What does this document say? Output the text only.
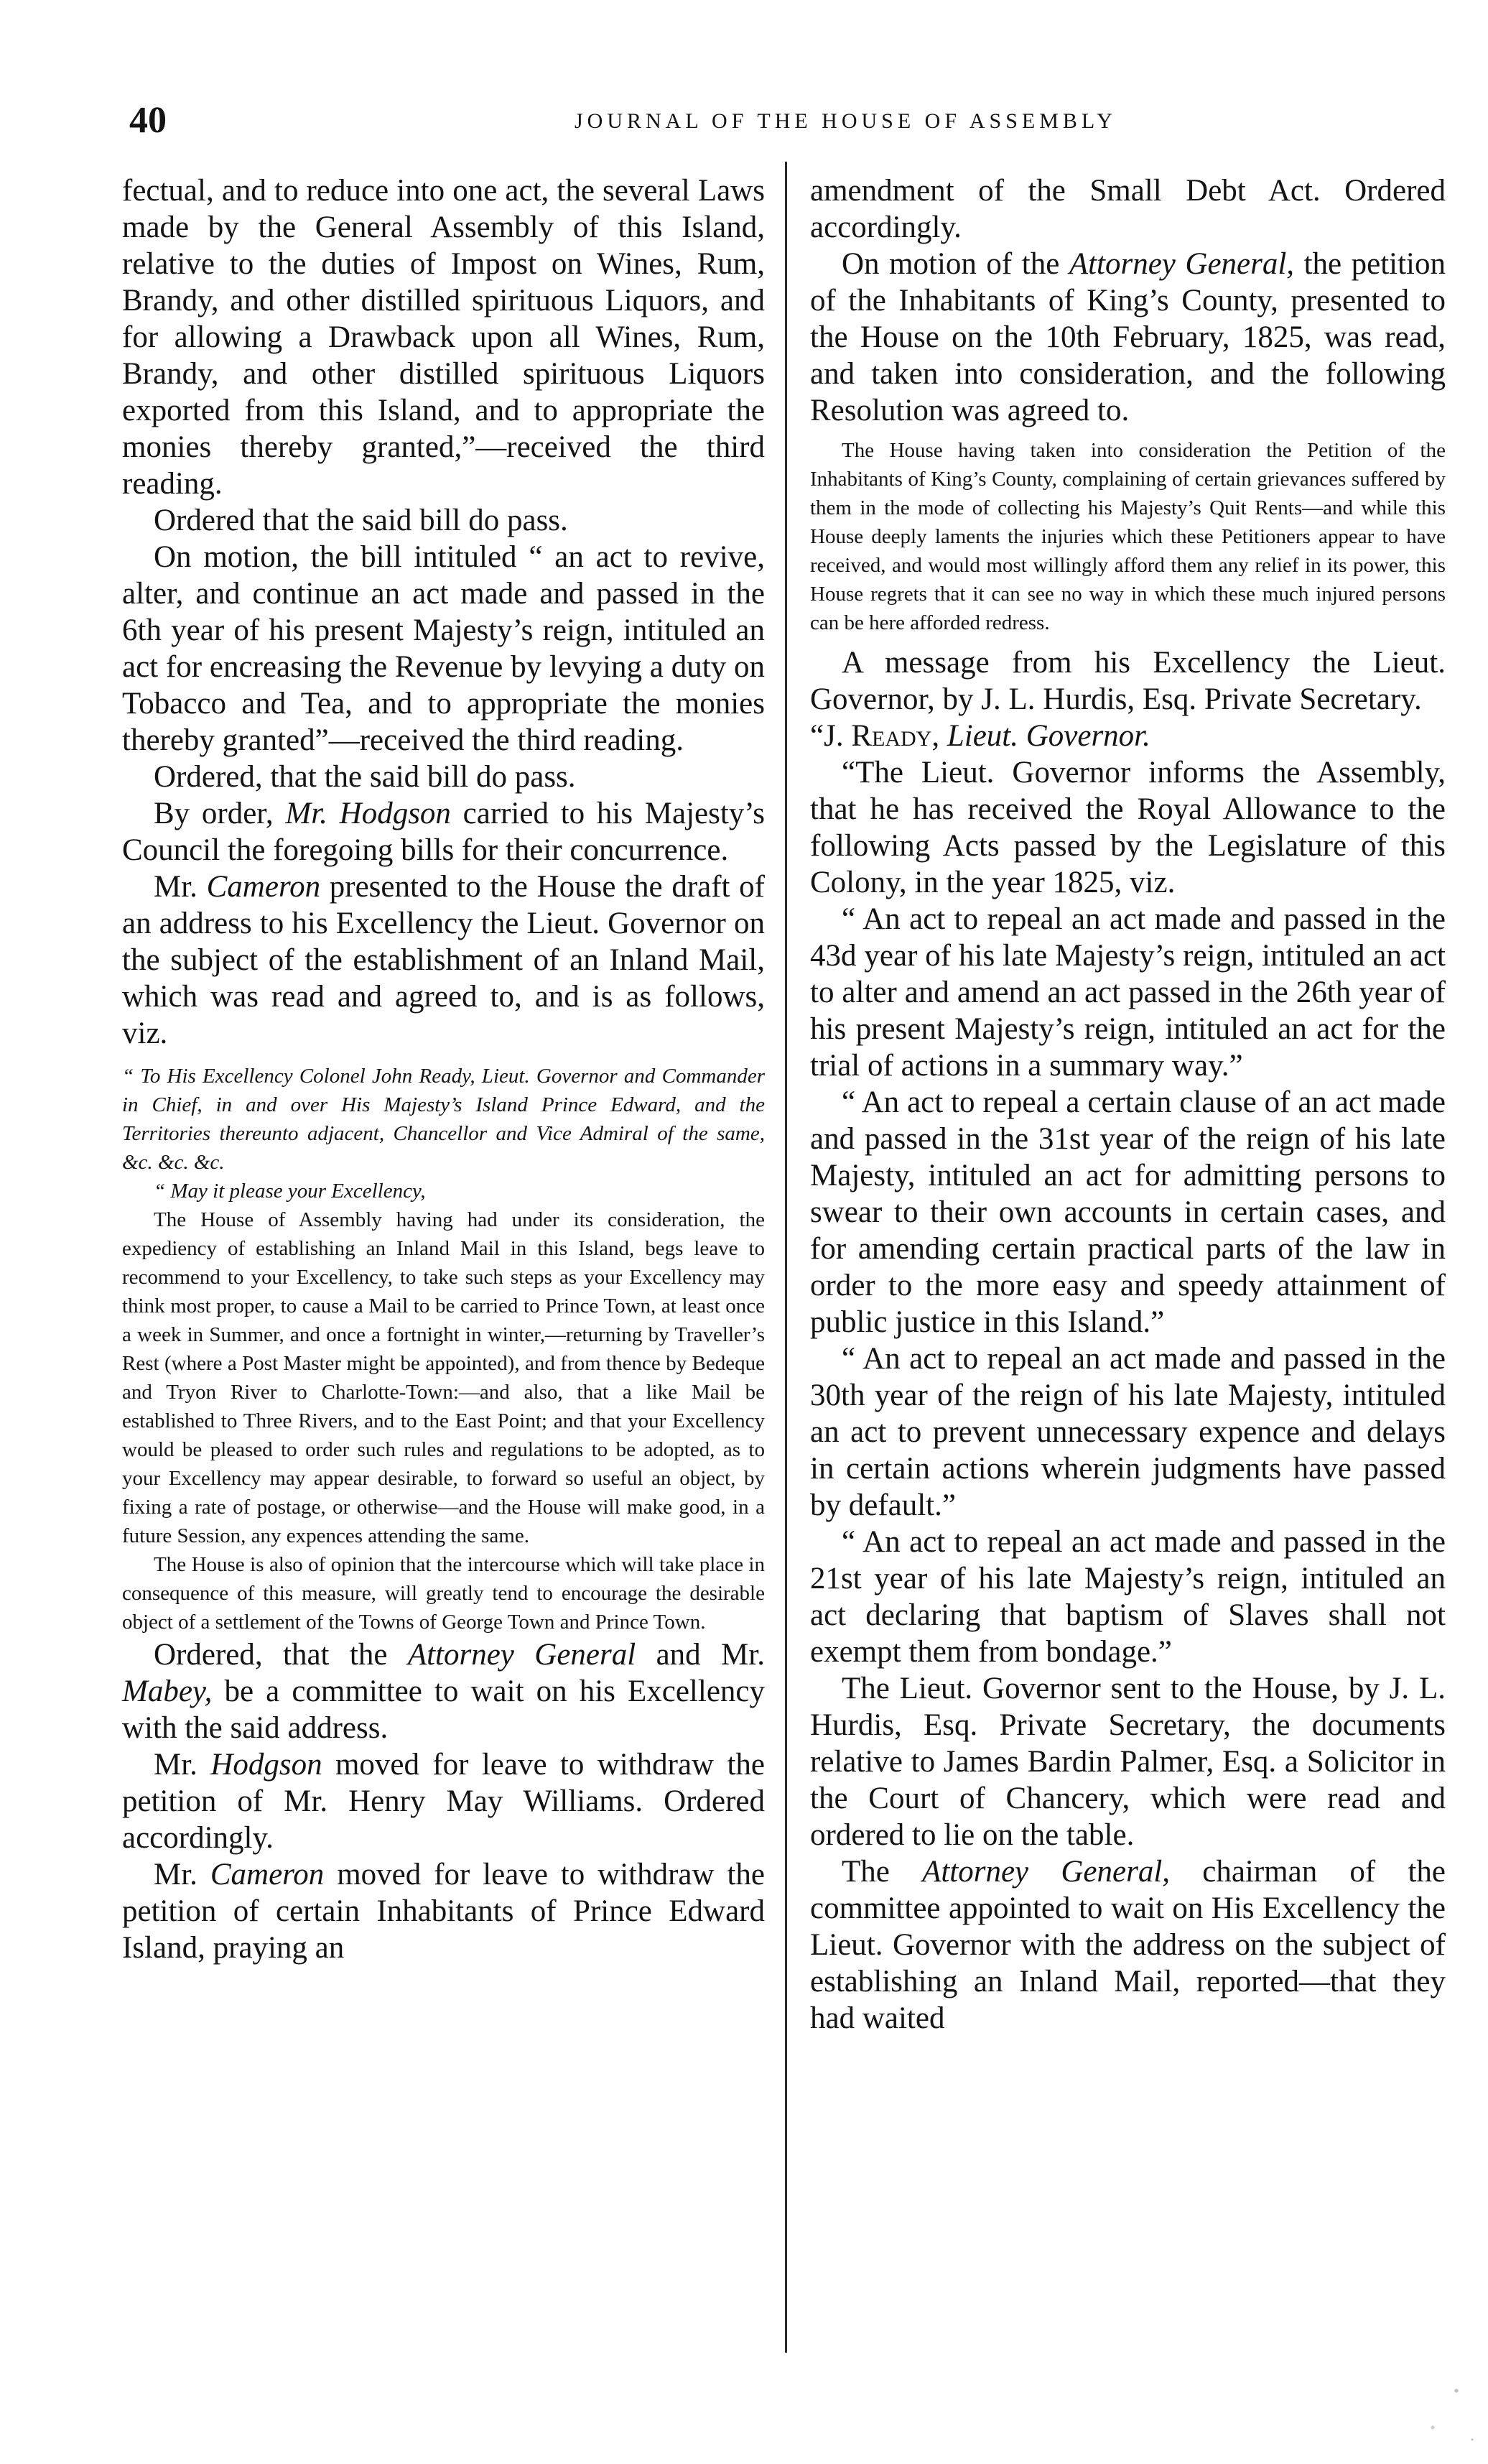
40	JOURNAL OF THE HOUSE OF ASSEMBLY

fectual, and to reduce into one act, the several Laws made by the General Assembly of this Island, relative to the duties of Impost on Wines, Rum, Brandy, and other distilled spirituous Liquors, and for allowing a Drawback upon all Wines, Rum, Brandy, and other distilled spirituous Liquors exported from this Island, and to appropriate the monies thereby granted,”—received the third reading.

Ordered that the said bill do pass.

On motion, the bill intituled “ an act to revive, alter, and continue an act made and passed in the 6th year of his present Majesty’s reign, intituled an act for encreasing the Revenue by levying a duty on Tobacco and Tea, and to appropriate the monies thereby granted”—received the third reading.

Ordered, that the said bill do pass.

By order, Mr. Hodgson carried to his Majesty’s Council the foregoing bills for their concurrence.

Mr. Cameron presented to the House the draft of an address to his Excellency the Lieut. Governor on the subject of the establishment of an Inland Mail, which was read and agreed to, and is as follows, viz.

“ To His Excellency Colonel John Ready, Lieut. Governor and Commander in Chief, in and over His Majesty’s Island Prince Edward, and the Territories thereunto adjacent, Chancellor and Vice Admiral of the same, &c. &c. &c.

“ May it please your Excellency,

The House of Assembly having had under its consideration, the expediency of establishing an Inland Mail in this Island, begs leave to recommend to your Excellency, to take such steps as your Excellency may think most proper, to cause a Mail to be carried to Prince Town, at least once a week in Summer, and once a fortnight in winter,—returning by Traveller’s Rest (where a Post Master might be appointed), and from thence by Bedeque and Tryon River to Charlotte-Town:—and also, that a like Mail be established to Three Rivers, and to the East Point; and that your Excellency would be pleased to order such rules and regulations to be adopted, as to your Excellency may appear desirable, to forward so useful an object, by fixing a rate of postage, or otherwise—and the House will make good, in a future Session, any expences attending the same.

The House is also of opinion that the intercourse which will take place in consequence of this measure, will greatly tend to encourage the desirable object of a settlement of the Towns of George Town and Prince Town.

Ordered, that the Attorney General and Mr. Mabey, be a committee to wait on his Excellency with the said address.

Mr. Hodgson moved for leave to withdraw the petition of Mr. Henry May Williams. Ordered accordingly.

Mr. Cameron moved for leave to withdraw the petition of certain Inhabitants of Prince Edward Island, praying an

amendment of the Small Debt Act. Ordered accordingly.

On motion of the Attorney General, the petition of the Inhabitants of King’s County, presented to the House on the 10th February, 1825, was read, and taken into consideration, and the following Resolution was agreed to.

The House having taken into consideration the Petition of the Inhabitants of King’s County, complaining of certain grievances suffered by them in the mode of collecting his Majesty’s Quit Rents—and while this House deeply laments the injuries which these Petitioners appear to have received, and would most willingly afford them any relief in its power, this House regrets that it can see no way in which these much injured persons can be here afforded redress.

A message from his Excellency the Lieut. Governor, by J. L. Hurdis, Esq. Private Secretary.

“J. Ready, Lieut. Governor.

“The Lieut. Governor informs the Assembly, that he has received the Royal Allowance to the following Acts passed by the Legislature of this Colony, in the year 1825, viz.

“ An act to repeal an act made and passed in the 43d year of his late Majesty’s reign, intituled an act to alter and amend an act passed in the 26th year of his present Majesty’s reign, intituled an act for the trial of actions in a summary way.”

“ An act to repeal a certain clause of an act made and passed in the 31st year of the reign of his late Majesty, intituled an act for admitting persons to swear to their own accounts in certain cases, and for amending certain practical parts of the law in order to the more easy and speedy attainment of public justice in this Island.”

“ An act to repeal an act made and passed in the 30th year of the reign of his late Majesty, intituled an act to prevent unnecessary expence and delays in certain actions wherein judgments have passed by default.”

“ An act to repeal an act made and passed in the 21st year of his late Majesty’s reign, intituled an act declaring that baptism of Slaves shall not exempt them from bondage.”

The Lieut. Governor sent to the House, by J. L. Hurdis, Esq. Private Secretary, the documents relative to James Bardin Palmer, Esq. a Solicitor in the Court of Chancery, which were read and ordered to lie on the table.

The Attorney General, chairman of the committee appointed to wait on His Excellency the Lieut. Governor with the address on the subject of establishing an Inland Mail, reported—that they had waited
